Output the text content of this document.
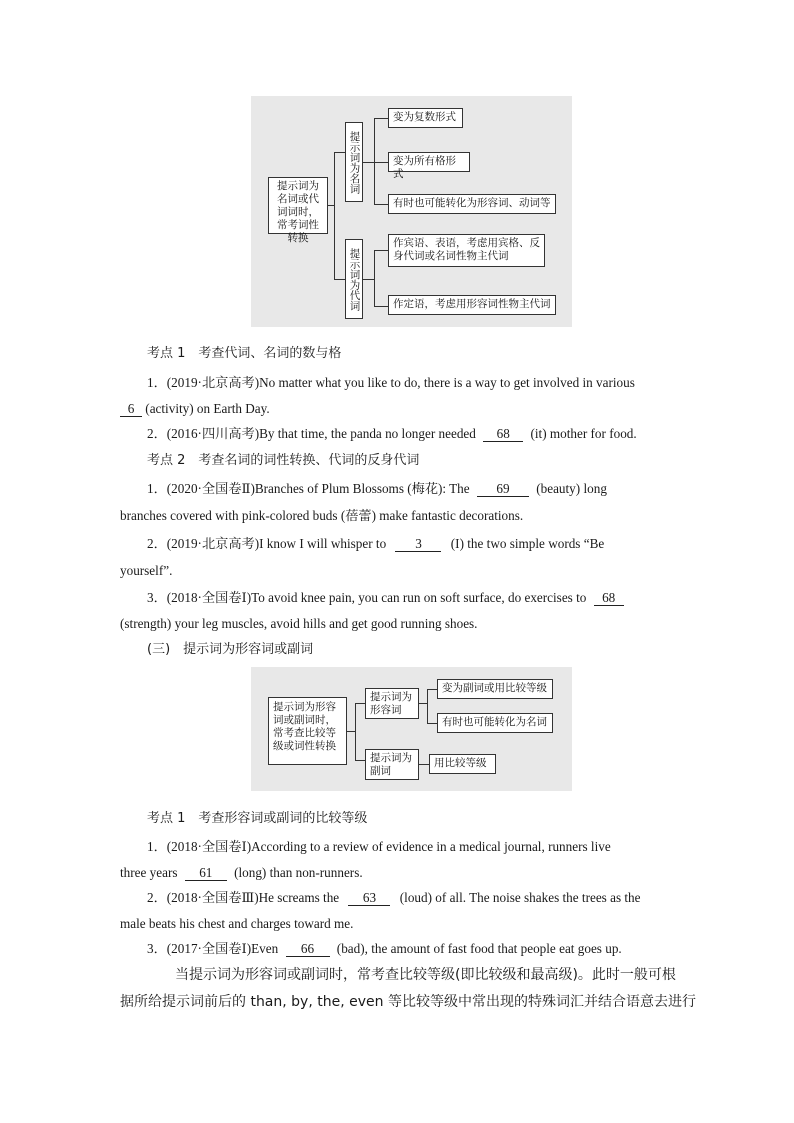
提示词为名词或代词词时，常考词性转换
提示词为名词
提示词为代词
变为复数形式
变为所有格形式
有时也可能转化为形容词、动词等
作宾语、表语，考虑用宾格、反身代词或名词性物主代词
作定语，考虑用形容词性物主代词
考点 1　考查代词、名词的数与格
1．(2019·北京高考)No matter what you like to do, there is a way to get involved in various
6 (activity) on Earth Day.
2．(2016·四川高考)By that time, the panda no longer needed 68 (it) mother for food.
考点 2　考查名词的词性转换、代词的反身代词
1．(2020·全国卷Ⅱ)Branches of Plum Blossoms (梅花): The 69 (beauty) long
branches covered with pink-colored buds (蓓蕾) make fantastic decorations.
2．(2019·北京高考)I know I will whisper to 3 (I) the two simple words “Be
yourself”.
3．(2018·全国卷Ⅰ)To avoid knee pain, you can run on soft surface, do exercises to 68
(strength) your leg muscles, avoid hills and get good running shoes.
(三)　提示词为形容词或副词
提示词为形容词或副词时，常考查比较等级或词性转换
提示词为形容词
提示词为副词
变为副词或用比较等级
有时也可能转化为名词
用比较等级
考点 1　考查形容词或副词的比较等级
1．(2018·全国卷Ⅰ)According to a review of evidence in a medical journal, runners live
three years 61 (long) than non-runners.
2．(2018·全国卷Ⅲ)He screams the 63 (loud) of all. The noise shakes the trees as the
male beats his chest and charges toward me.
3．(2017·全国卷Ⅰ)Even 66 (bad), the amount of fast food that people eat goes up.
当提示词为形容词或副词时，常考查比较等级(即比较级和最高级)。此时一般可根
据所给提示词前后的 than, by, the, even 等比较等级中常出现的特殊词汇并结合语意去进行
